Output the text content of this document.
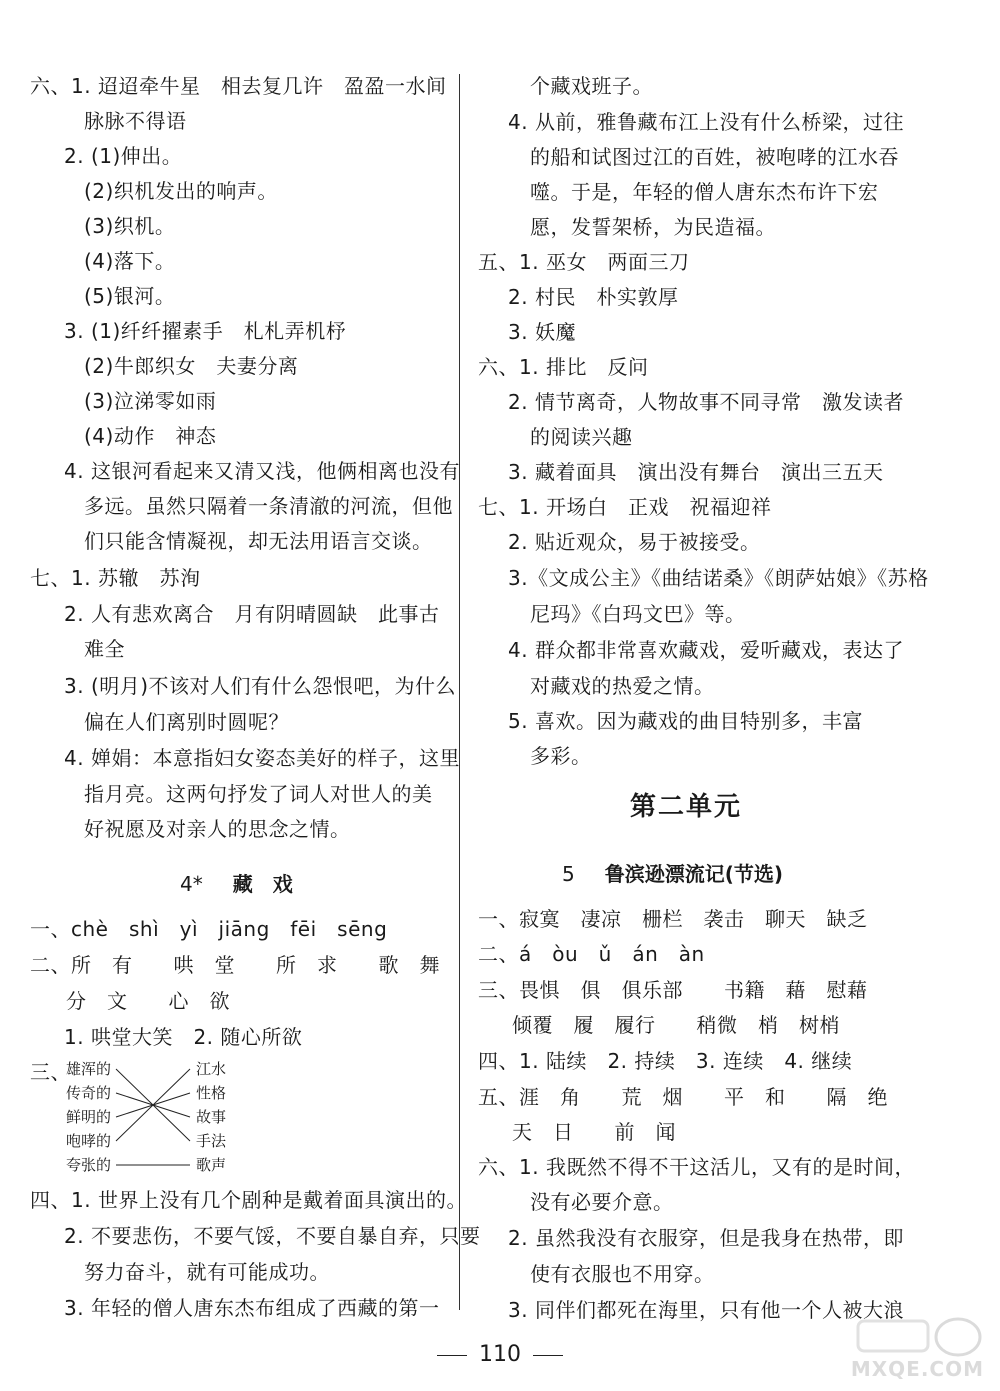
六、1. 迢迢牵牛星　相去复几许　盈盈一水间
脉脉不得语
2. (1)伸出。
(2)织机发出的响声。
(3)织机。
(4)落下。
(5)银河。
3. (1)纤纤擢素手　札札弄机杼
(2)牛郎织女　夫妻分离
(3)泣涕零如雨
(4)动作　神态
4. 这银河看起来又清又浅，他俩相离也没有
多远。虽然只隔着一条清澈的河流，但他
们只能含情凝视，却无法用语言交谈。
七、1. 苏辙　苏洵
2. 人有悲欢离合　月有阴晴圆缺　此事古
难全
3. (明月)不该对人们有什么怨恨吧，为什么
偏在人们离别时圆呢？
4. 婵娟：本意指妇女姿态美好的样子，这里
指月亮。这两句抒发了词人对世人的美
好祝愿及对亲人的思念之情。
4* 藏　戏
一、chè　shì　yì　jiāng　fēi　sēng
二、所　有　　哄　堂　　所　求　　歌　舞
分　文　　心　欲
1. 哄堂大笑　2. 随心所欲
三、
雄浑的
传奇的
鲜明的
咆哮的
夸张的
江水
性格
故事
手法
歌声
四、1. 世界上没有几个剧种是戴着面具演出的。
2. 不要悲伤，不要气馁，不要自暴自弃，只要
努力奋斗，就有可能成功。
3. 年轻的僧人唐东杰布组成了西藏的第一
个藏戏班子。
4. 从前，雅鲁藏布江上没有什么桥梁，过往
的船和试图过江的百姓，被咆哮的江水吞
噬。于是，年轻的僧人唐东杰布许下宏
愿，发誓架桥，为民造福。
五、1. 巫女　两面三刀
2. 村民　朴实敦厚
3. 妖魔
六、1. 排比　反问
2. 情节离奇，人物故事不同寻常　激发读者
的阅读兴趣
3. 藏着面具　演出没有舞台　演出三五天
七、1. 开场白　正戏　祝福迎祥
2. 贴近观众，易于被接受。
3.《文成公主》《曲结诺桑》《朗萨姑娘》《苏格
尼玛》《白玛文巴》等。
4. 群众都非常喜欢藏戏，爱听藏戏，表达了
对藏戏的热爱之情。
5. 喜欢。因为藏戏的曲目特别多，丰富
多彩。
第二单元
5 鲁滨逊漂流记(节选)
一、寂寞　凄凉　栅栏　袭击　聊天　缺乏
二、á　òu　ǔ　án　àn
三、畏惧　俱　俱乐部　　书籍　藉　慰藉
倾覆　履　履行　　稍微　梢　树梢
四、1. 陆续　2. 持续　3. 连续　4. 继续
五、涯　角　　荒　烟　　平　和　　隔　绝
天　日　　前　闻
六、1. 我既然不得不干这活儿，又有的是时间，
没有必要介意。
2. 虽然我没有衣服穿，但是我身在热带，即
使有衣服也不用穿。
3. 同伴们都死在海里，只有他一个人被大浪
110
MXQE.COM
